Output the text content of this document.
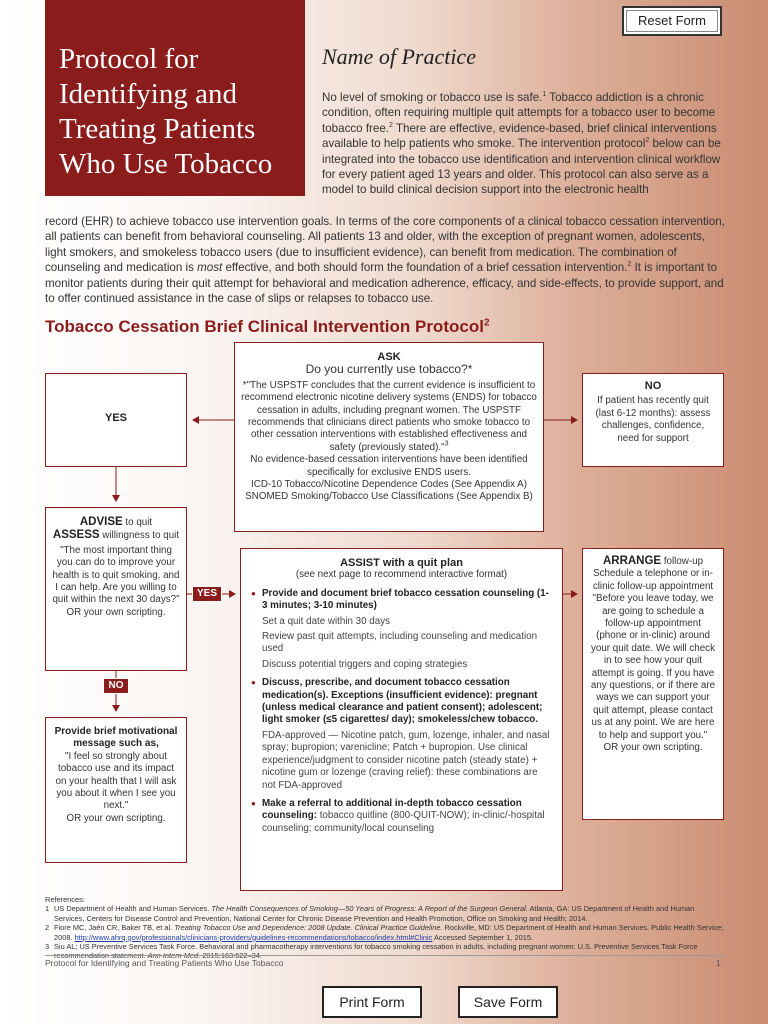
Protocol for
Identifying and
Treating Patients
Who Use Tobacco
Reset Form
Name of Practice
No level of smoking or tobacco use is safe.$^1$ Tobacco addiction is a chronic condition, often requiring multiple quit attempts for a tobacco user to become tobacco free.$^2$ There are effective, evidence-based, brief clinical interventions available to help patients who smoke. The intervention protocol$^2$ below can be integrated into the tobacco use identification and intervention clinical workflow for every patient aged 13 years and older. This protocol can also serve as a model to build clinical decision support into the electronic health
record (EHR) to achieve tobacco use intervention goals. In terms of the core components of a clinical tobacco cessation intervention, all patients can benefit from behavioral counseling. All patients 13 and older, with the exception of pregnant women, adolescents, light smokers, and smokeless tobacco users (due to insufficient evidence), can benefit from medication. The combination of counseling and medication is most effective, and both should form the foundation of a brief cessation intervention.$^2$ It is important to monitor patients during their quit attempt for behavioral and medication adherence, efficacy, and side-effects, to provide support, and to offer continued assistance in the case of slips or relapses to tobacco use.
Tobacco Cessation Brief Clinical Intervention Protocol$^2$
ASK
Do you currently use tobacco?*
*"The USPSTF concludes that the current evidence is insufficient to recommend electronic nicotine delivery systems (ENDS) for tobacco cessation in adults, including pregnant women. The USPSTF recommends that clinicians direct patients who smoke tobacco to other cessation interventions with established effectiveness and safety (previously stated)."$^3$
No evidence-based cessation interventions have been identified specifically for exclusive ENDS users.
ICD-10 Tobacco/Nicotine Dependence Codes (See Appendix A)
SNOMED Smoking/Tobacco Use Classifications (See Appendix B)
YES
NO
If patient has recently quit (last 6-12 months): assess challenges, confidence, need for support
ADVISE to quit
ASSESS willingness to quit
"The most important thing you can do to improve your health is to quit smoking, and I can help. Are you willing to quit within the next 30 days?"
OR your own scripting.
YES
NO
Provide brief motivational message such as,
"I feel so strongly about tobacco use and its impact on your health that I will ask you about it when I see you next."
OR your own scripting.
ASSIST with a quit plan
(see next page to recommend interactive format)
● Provide and document brief tobacco cessation counseling (1-3 minutes; 3-10 minutes)
Set a quit date within 30 days
Review past quit attempts, including counseling and medication used
Discuss potential triggers and coping strategies
● Discuss, prescribe, and document tobacco cessation medication(s). Exceptions (insufficient evidence): pregnant (unless medical clearance and patient consent); adolescent; light smoker (≤5 cigarettes/ day); smokeless/chew tobacco.
FDA-approved — Nicotine patch, gum, lozenge, inhaler, and nasal spray; bupropion; varenicline; Patch + bupropion. Use clinical experience/judgment to consider nicotine patch (steady state) + nicotine gum or lozenge (craving relief): these combinations are not FDA-approved
● Make a referral to additional in-depth tobacco cessation counseling: tobacco quitline (800-QUIT-NOW); in-clinic/-hospital counseling; community/local counseling
ARRANGE follow-up
Schedule a telephone or in-clinic follow-up appointment
"Before you leave today, we are going to schedule a follow-up appointment (phone or in-clinic) around your quit date. We will check in to see how your quit attempt is going. If you have any questions, or if there are ways we can support your quit attempt, please contact us at any point. We are here to help and support you."
OR your own scripting.
References:
1 US Department of Health and Human Services. The Health Consequences of Smoking—50 Years of Progress: A Report of the Surgeon General. Atlanta, GA: US Department of Health and Human Services, Centers for Disease Control and Prevention, National Center for Chronic Disease Prevention and Health Promotion, Office on Smoking and Health; 2014.
2 Fiore MC, Jaén CR, Baker TB, et al. Treating Tobacco Use and Dependence: 2008 Update. Clinical Practice Guideline. Rockville, MD: US Department of Health and Human Services. Public Health Service; 2008. http://www.ahrq.gov/professionals/clinicians-providers/guidelines-recommendations/tobacco/index.html#Clinic Accessed September 1, 2015.
3 Siu AL; US Preventive Services Task Force. Behavioral and pharmacotherapy interventions for tobacco smoking cessation in adults, including pregnant women: U.S. Preventive Services Task Force
Protocol for Identifying and Treating Patients Who Use Tobacco	1
Print Form	Save Form
